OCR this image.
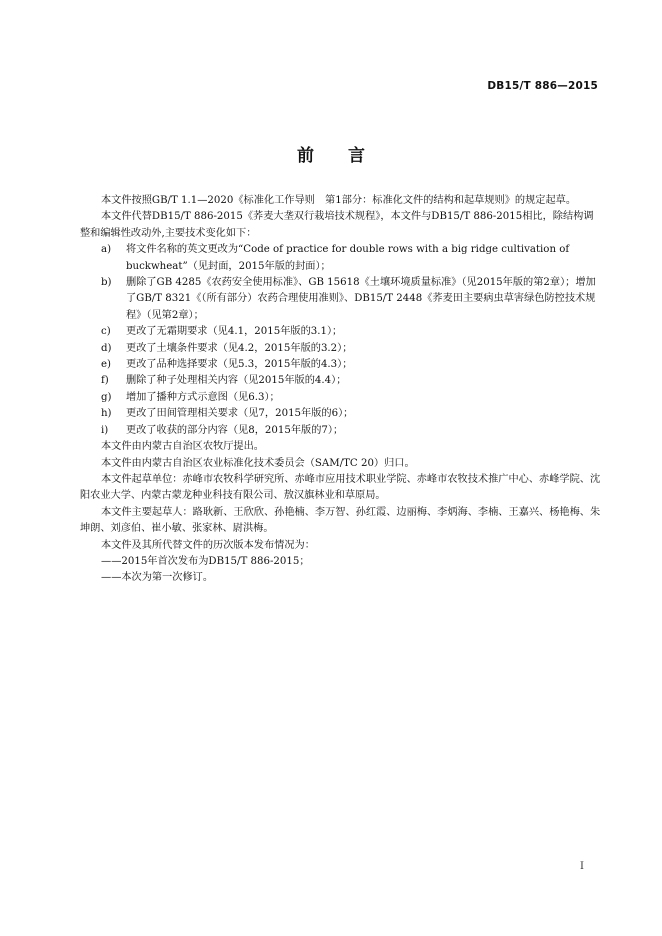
DB15/T 886—2015
前　　言

本文件按照GB/T 1.1—2020《标准化工作导则　第1部分：标准化文件的结构和起草规则》的规定起草。

本文件代替DB15/T 886-2015《荞麦大垄双行栽培技术规程》，本文件与DB15/T 886-2015相比，除结构调整和编辑性改动外,主要技术变化如下：

a)	将文件名称的英文更改为“Code of practice for double rows with a big ridge cultivation of buckwheat”（见封面，2015年版的封面）；

b)	删除了GB 4285《农药安全使用标准》、GB 15618《土壤环境质量标准》（见2015年版的第2章）；增加了GB/T 8321《（所有部分）农药合理使用准则》、DB15/T 2448《荞麦田主要病虫草害绿色防控技术规程》（见第2章）；

c)	更改了无霜期要求（见4.1，2015年版的3.1）；

d)	更改了土壤条件要求（见4.2，2015年版的3.2）；

e)	更改了品种选择要求（见5.3，2015年版的4.3）；

f)	删除了种子处理相关内容（见2015年版的4.4）；

g)	增加了播种方式示意图（见6.3）；

h)	更改了田间管理相关要求（见7，2015年版的6）；

i)	更改了收获的部分内容（见8，2015年版的7）；

本文件由内蒙古自治区农牧厅提出。

本文件由内蒙古自治区农业标准化技术委员会（SAM/TC 20）归口。

本文件起草单位：赤峰市农牧科学研究所、赤峰市应用技术职业学院、赤峰市农牧技术推广中心、赤峰学院、沈阳农业大学、内蒙古蒙龙种业科技有限公司、敖汉旗林业和草原局。

本文件主要起草人：路耿新、王欣欣、孙艳楠、李万智、孙红霞、边丽梅、李炳海、李楠、王嘉兴、杨艳梅、朱坤朗、刘彦伯、崔小敏、张家林、尉洪梅。

本文件及其所代替文件的历次版本发布情况为：

——2015年首次发布为DB15/T 886-2015；

——本次为第一次修订。

I
